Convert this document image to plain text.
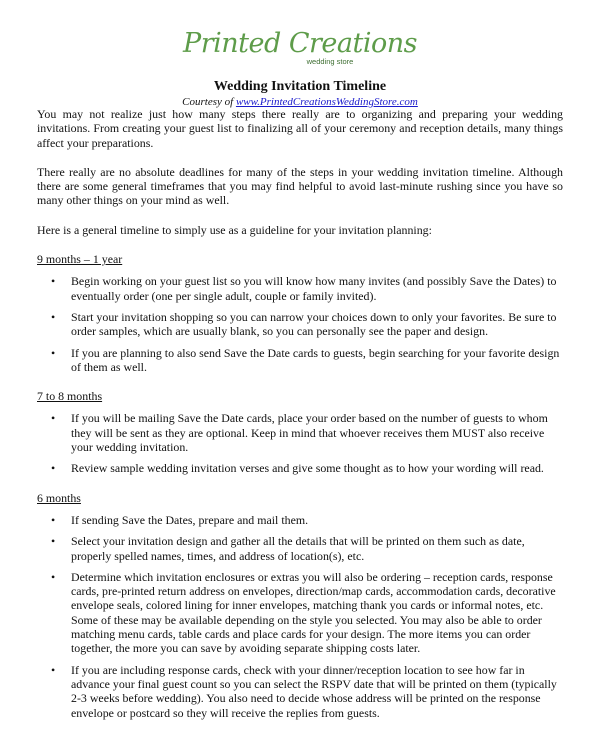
Printed Creations
wedding store
Wedding Invitation Timeline
Courtesy of www.PrintedCreationsWeddingStore.com

You may not realize just how many steps there really are to organizing and preparing your wedding invitations. From creating your guest list to finalizing all of your ceremony and reception details, many things affect your preparations.

There really are no absolute deadlines for many of the steps in your wedding invitation timeline. Although there are some general timeframes that you may find helpful to avoid last-minute rushing since you have so many other things on your mind as well.

Here is a general timeline to simply use as a guideline for your invitation planning:

9 months – 1 year
• Begin working on your guest list so you will know how many invites (and possibly Save the Dates) to eventually order (one per single adult, couple or family invited).
• Start your invitation shopping so you can narrow your choices down to only your favorites. Be sure to order samples, which are usually blank, so you can personally see the paper and design.
• If you are planning to also send Save the Date cards to guests, begin searching for your favorite design of them as well.
7 to 8 months
• If you will be mailing Save the Date cards, place your order based on the number of guests to whom they will be sent as they are optional. Keep in mind that whoever receives them MUST also receive your wedding invitation.
• Review sample wedding invitation verses and give some thought as to how your wording will read.
6 months
• If sending Save the Dates, prepare and mail them.
• Select your invitation design and gather all the details that will be printed on them such as date, properly spelled names, times, and address of location(s), etc.
• Determine which invitation enclosures or extras you will also be ordering – reception cards, response cards, pre-printed return address on envelopes, direction/map cards, accommodation cards, decorative envelope seals, colored lining for inner envelopes, matching thank you cards or informal notes, etc. Some of these may be available depending on the style you selected. You may also be able to order matching menu cards, table cards and place cards for your design. The more items you can order together, the more you can save by avoiding separate shipping costs later.
• If you are including response cards, check with your dinner/reception location to see how far in advance your final guest count so you can select the RSPV date that will be printed on them (typically 2-3 weeks before wedding). You also need to decide whose address will be printed on the response envelope or postcard so they will receive the replies from guests.
